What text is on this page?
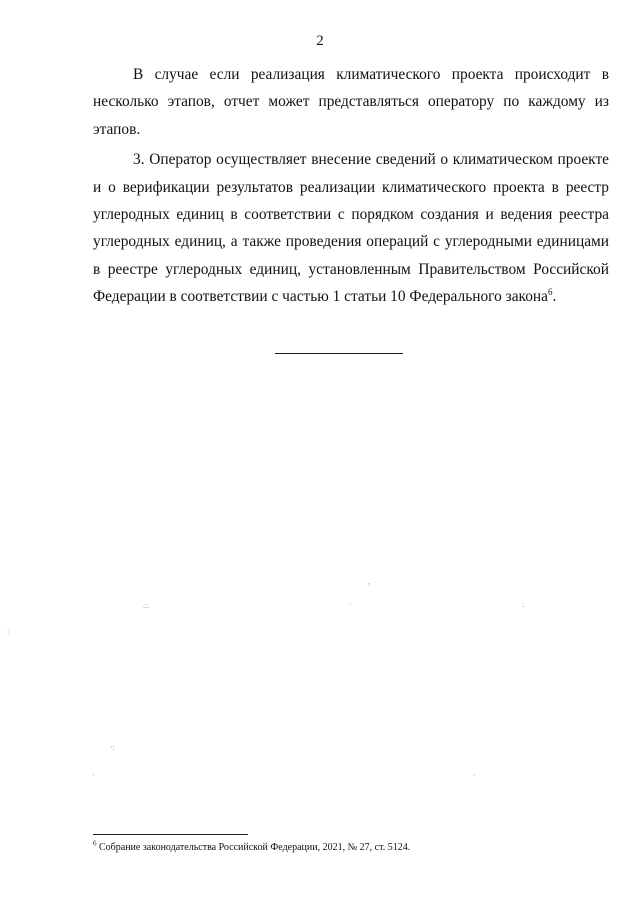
2

В случае если реализация климатического проекта происходит в несколько этапов, отчет может представляться оператору по каждому из этапов.

3. Оператор осуществляет внесение сведений о климатическом проекте и о верификации результатов реализации климатического проекта в реестр углеродных единиц в соответствии с порядком создания и ведения реестра углеродных единиц, а также проведения операций с углеродными единицами в реестре углеродных единиц, установленным Правительством Российской Федерации в соответствии с частью 1 статьи 10 Федерального закона$^6$.

,
.:.	·	:
:
·:
·	·
$^6$ Собрание законодательства Российской Федерации, 2021, № 27, ст. 5124.
